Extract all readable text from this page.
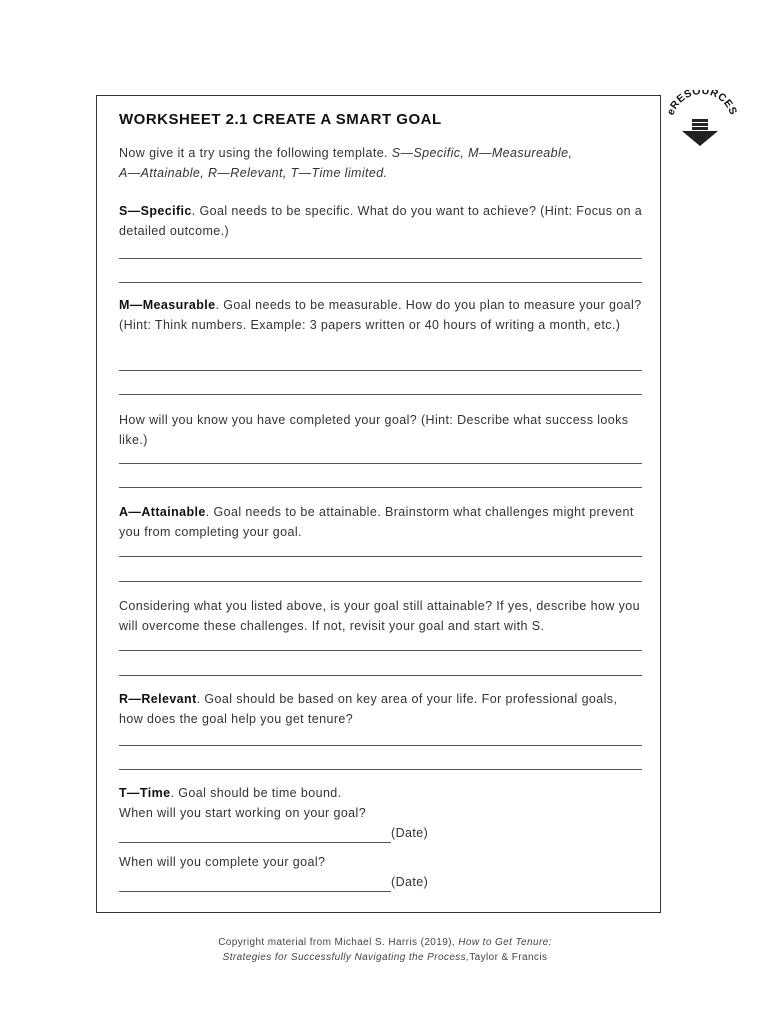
WORKSHEET 2.1 CREATE A SMART GOAL
Now give it a try using the following template. S—Specific, M—Measureable,
A—Attainable, R—Relevant, T—Time limited.
S—Specific. Goal needs to be specific. What do you want to achieve? (Hint: Focus on a detailed outcome.)
M—Measurable. Goal needs to be measurable. How do you plan to measure your goal? (Hint: Think numbers. Example: 3 papers written or 40 hours of writing a month, etc.)
How will you know you have completed your goal? (Hint: Describe what success looks like.)
A—Attainable. Goal needs to be attainable. Brainstorm what challenges might prevent you from completing your goal.
Considering what you listed above, is your goal still attainable? If yes, describe how you will overcome these challenges. If not, revisit your goal and start with S.
R—Relevant. Goal should be based on key area of your life. For professional goals, how does the goal help you get tenure?
T—Time. Goal should be time bound.
When will you start working on your goal?
(Date)
When will you complete your goal?
(Date)
eRESOURCES
Copyright material from Michael S. Harris (2019), How to Get Tenure:
Strategies for Successfully Navigating the Process,Taylor & Francis
